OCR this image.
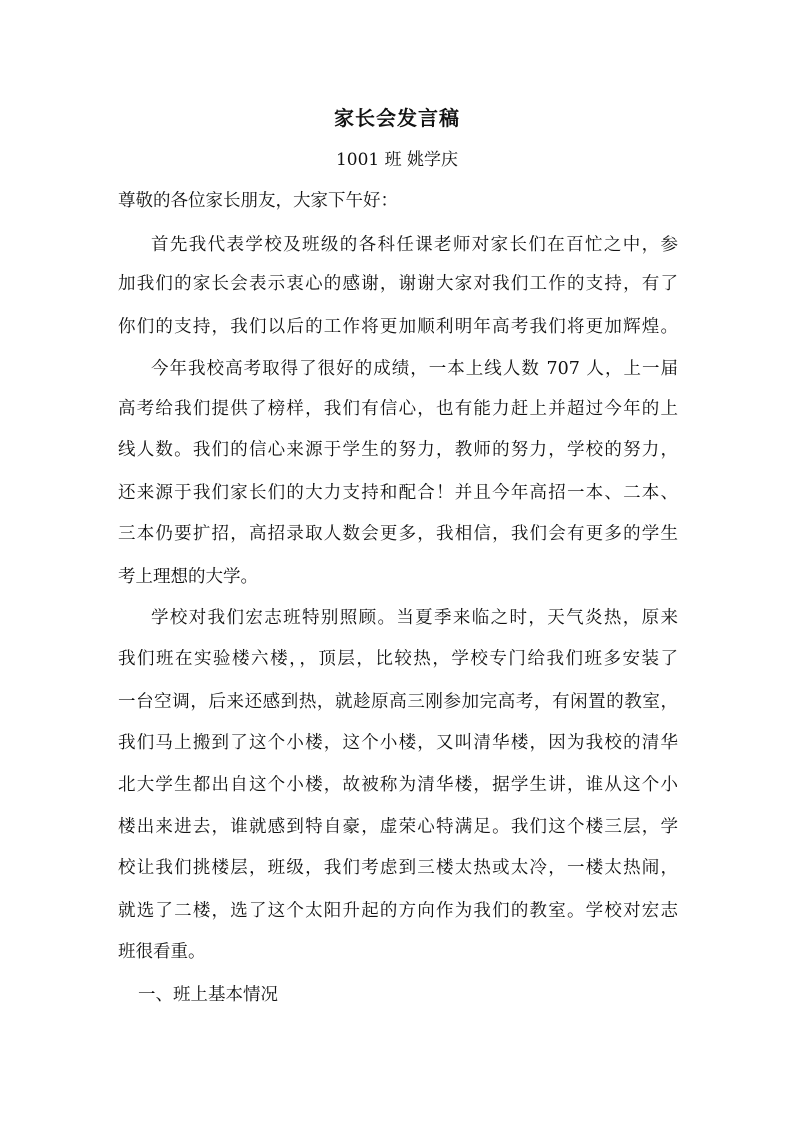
家长会发言稿
1001 班 姚学庆
尊敬的各位家长朋友，大家下午好：
首先我代表学校及班级的各科任课老师对家长们在百忙之中，参
加我们的家长会表示衷心的感谢，谢谢大家对我们工作的支持，有了
你们的支持，我们以后的工作将更加顺利明年高考我们将更加辉煌。
今年我校高考取得了很好的成绩，一本上线人数 707 人，上一届
高考给我们提供了榜样，我们有信心，也有能力赶上并超过今年的上
线人数。我们的信心来源于学生的努力，教师的努力，学校的努力，
还来源于我们家长们的大力支持和配合！并且今年高招一本、二本、
三本仍要扩招，高招录取人数会更多，我相信，我们会有更多的学生
考上理想的大学。
学校对我们宏志班特别照顾。当夏季来临之时，天气炎热，原来
我们班在实验楼六楼，，顶层，比较热，学校专门给我们班多安装了
一台空调，后来还感到热，就趁原高三刚参加完高考，有闲置的教室，
我们马上搬到了这个小楼，这个小楼，又叫清华楼，因为我校的清华
北大学生都出自这个小楼，故被称为清华楼，据学生讲，谁从这个小
楼出来进去，谁就感到特自豪，虚荣心特满足。我们这个楼三层，学
校让我们挑楼层，班级，我们考虑到三楼太热或太冷，一楼太热闹，
就选了二楼，选了这个太阳升起的方向作为我们的教室。学校对宏志
班很看重。
一、班上基本情况
